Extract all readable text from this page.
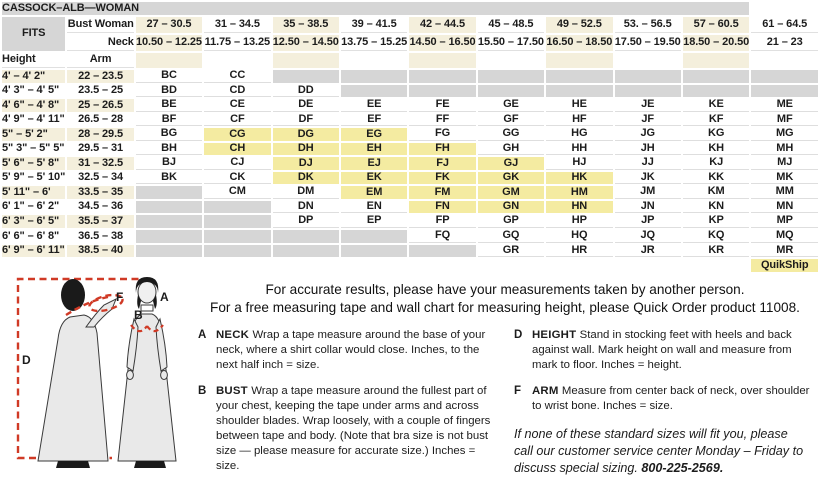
CASSOCK–ALB—WOMAN											
FITS	Bust Woman	27 – 30.5	31 – 34.5	35 – 38.5	39 – 41.5	42 – 44.5	45 – 48.5	49 – 52.5	53. – 56.5	57 – 60.5	61 – 64.5
	Neck	10.50 – 12.25	11.75 – 13.25	12.50 – 14.50	13.75 – 15.25	14.50 – 16.50	15.50 – 17.50	16.50 – 18.50	17.50 – 19.50	18.50 – 20.50	21 – 23
Height	Arm										
4' – 4' 2"	22 – 23.5	BC	CC								
4' 3" – 4' 5"	23.5 – 25	BD	CD	DD							
4' 6" – 4' 8"	25 – 26.5	BE	CE	DE	EE	FE	GE	HE	JE	KE	ME
4' 9" – 4' 11"	26.5 – 28	BF	CF	DF	EF	FF	GF	HF	JF	KF	MF
5" – 5' 2"	28 – 29.5	BG	CG	DG	EG	FG	GG	HG	JG	KG	MG
5" 3" – 5" 5"	29.5 – 31	BH	CH	DH	EH	FH	GH	HH	JH	KH	MH
5' 6" – 5' 8"	31 – 32.5	BJ	CJ	DJ	EJ	FJ	GJ	HJ	JJ	KJ	MJ
5' 9" – 5' 10"	32.5 – 34	BK	CK	DK	EK	FK	GK	HK	JK	KK	MK
5' 11" – 6'	33.5 – 35		CM	DM	EM	FM	GM	HM	JM	KM	MM
6' 1" – 6' 2"	34.5 – 36			DN	EN	FN	GN	HN	JN	KN	MN
6' 3" – 6' 5"	35.5 – 37			DP	EP	FP	GP	HP	JP	KP	MP
6' 6" – 6' 8"	36.5 – 38					FQ	GQ	HQ	JQ	KQ	MQ
6' 9" – 6' 11"	38.5 – 40						GR	HR	JR	KR	MR
											QuikShip
D
F	A
B
For accurate results, please have your measurements taken by another person.
For a free measuring tape and wall chart for measuring height, please Quick Order product 11008.
A NECK Wrap a tape measure around the base of your neck, where a shirt collar would close. Inches, to the next half inch = size.
B BUST Wrap a tape measure around the fullest part of your chest, keeping the tape under arms and across shoulder blades. Wrap loosely, with a couple of fingers between tape and body. (Note that bra size is not bust size — please measure for accurate size.) Inches = size.
D HEIGHT Stand in stocking feet with heels and back against wall. Mark height on wall and measure from mark to floor. Inches = height.
F ARM Measure from center back of neck, over shoulder to wrist bone. Inches = size.
If none of these standard sizes will fit you, please call our customer service center Monday – Friday to discuss special sizing. 800-225-2569.
